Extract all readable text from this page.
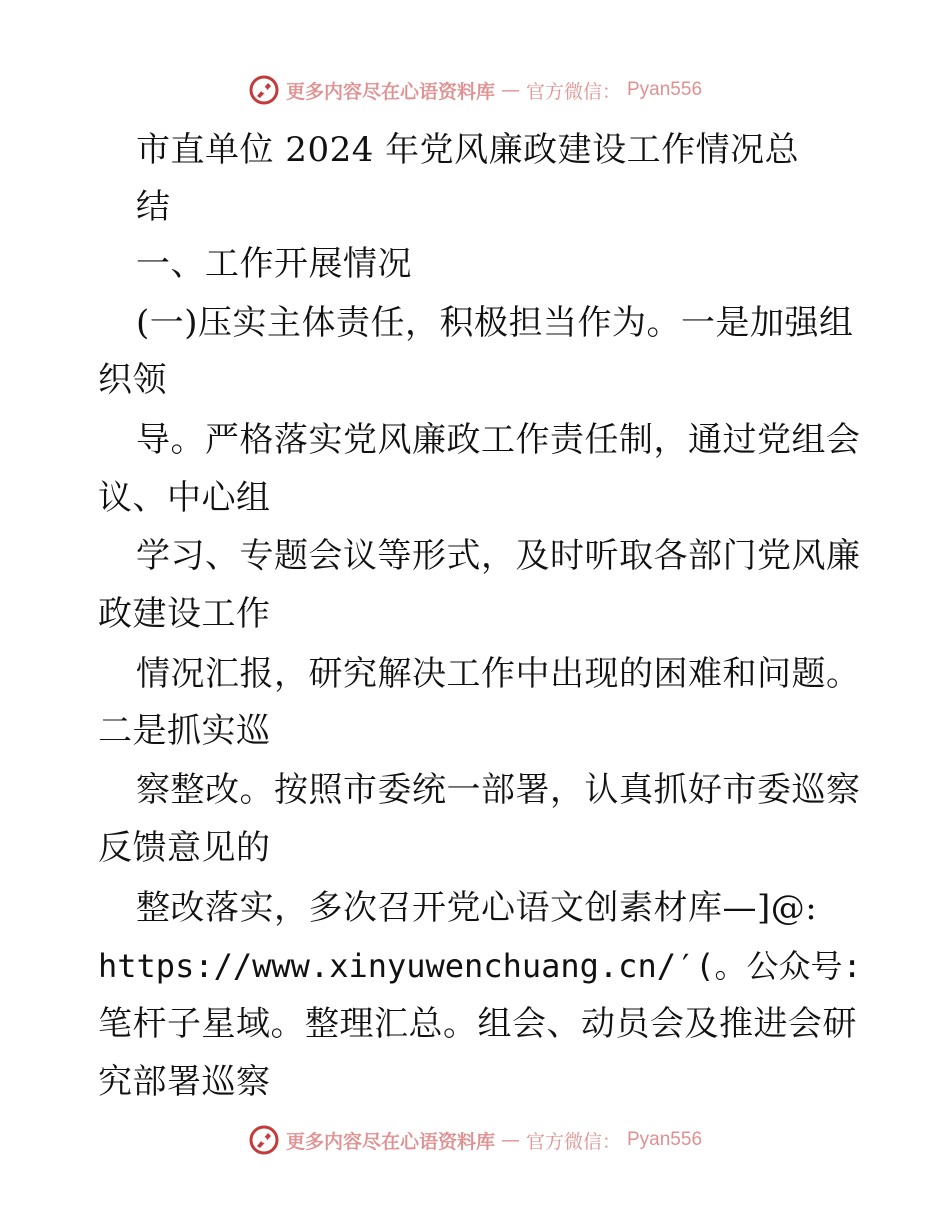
更多内容尽在心语资料库 — 官方微信： Pyan556
市直单位 2024 年党风廉政建设工作情况总
结
一、工作开展情况
(一)压实主体责任，积极担当作为。一是加强组
织领
导。严格落实党风廉政工作责任制，通过党组会
议、中心组
学习、专题会议等形式，及时听取各部门党风廉
政建设工作
情况汇报，研究解决工作中出现的困难和问题。
二是抓实巡
察整改。按照市委统一部署，认真抓好市委巡察
反馈意见的
整改落实，多次召开党心语文创素材库—]@:
https://www.xinyuwenchuang.cn/′(。公众号:
笔杆子星域。整理汇总。组会、动员会及推进会研
究部署巡察
更多内容尽在心语资料库 — 官方微信： Pyan556
